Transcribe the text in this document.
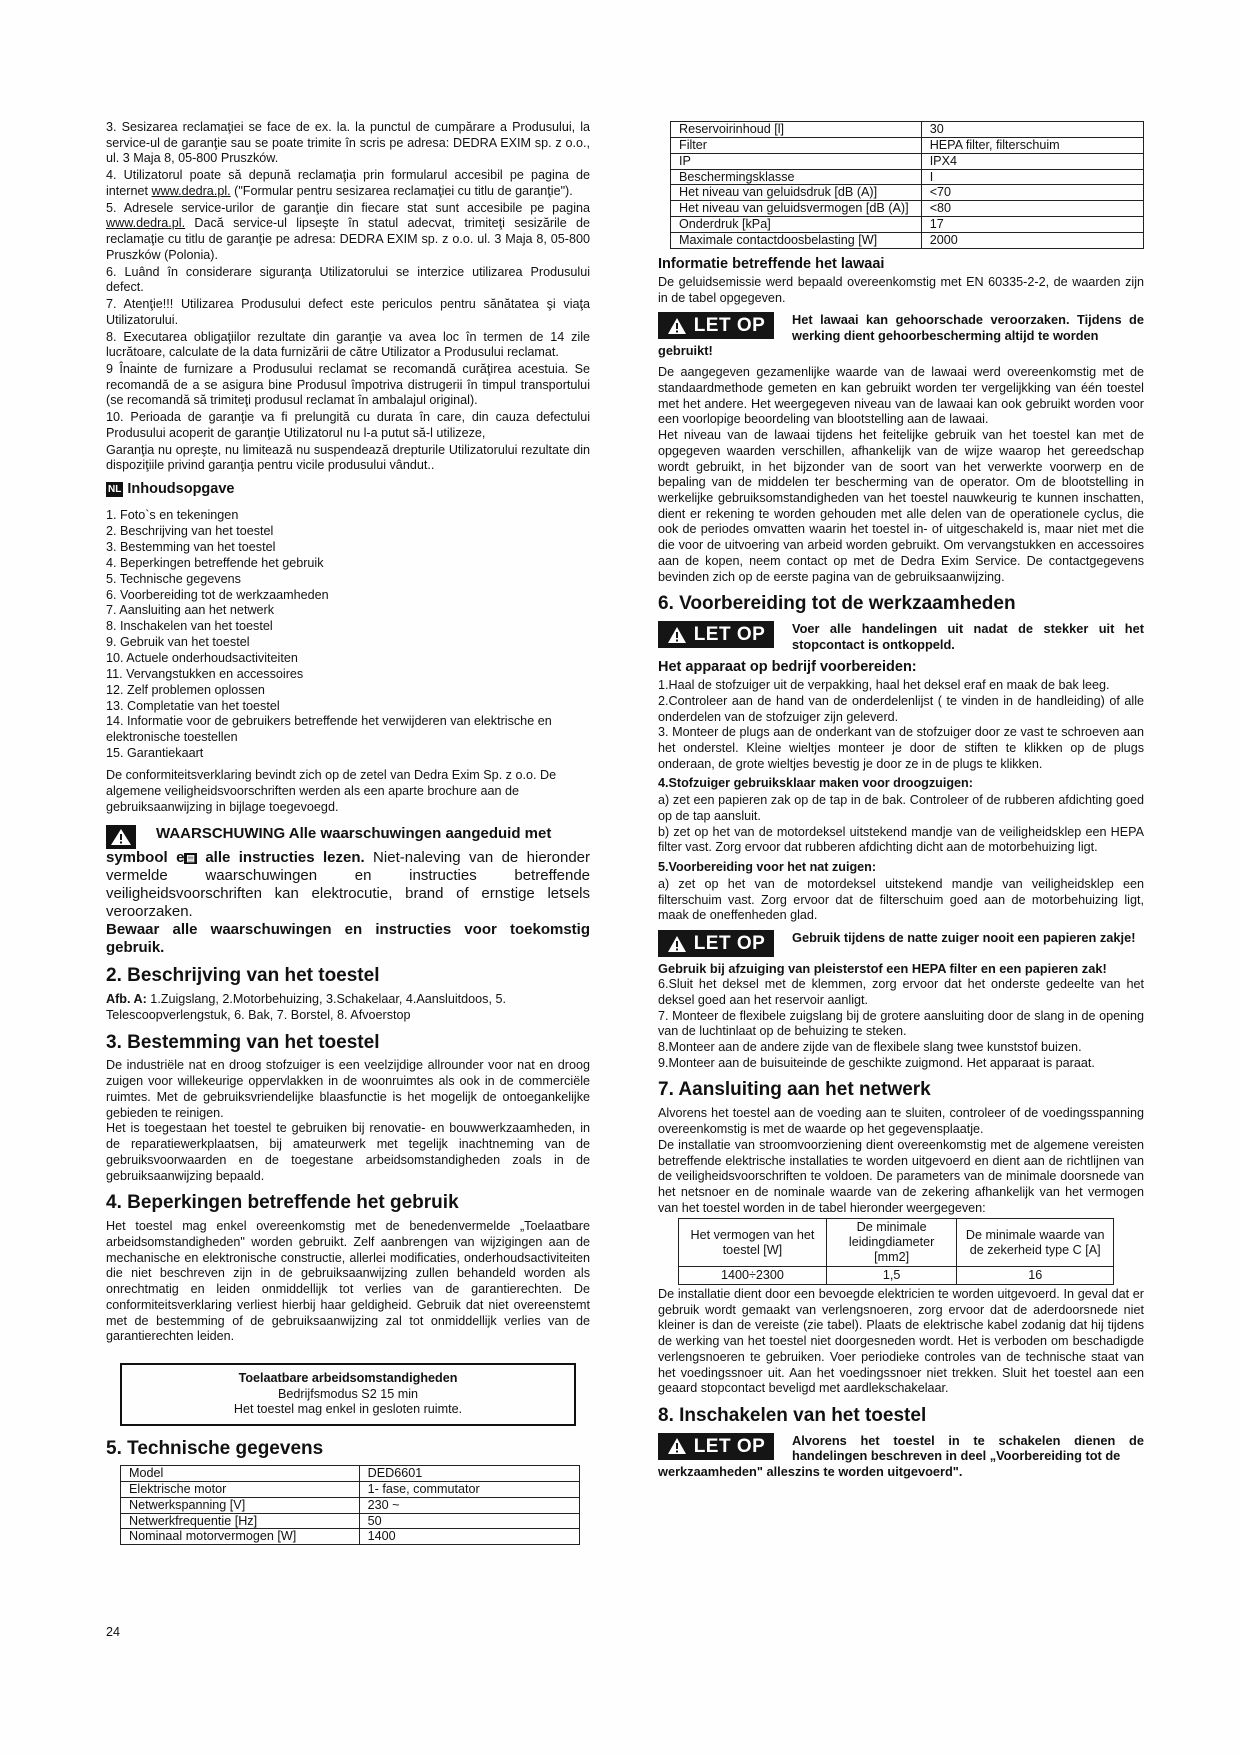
3. Sesizarea reclamaţiei se face de ex. la. la punctul de cumpărare a Produsului, la service-ul de garanţie sau se poate trimite în scris pe adresa: DEDRA EXIM sp. z o.o., ul. 3 Maja 8, 05-800 Pruszków.

4. Utilizatorul poate să depună reclamaţia prin formularul accesibil pe pagina de internet www.dedra.pl. ("Formular pentru sesizarea reclamaţiei cu titlu de garanţie").

5. Adresele service-urilor de garanţie din fiecare stat sunt accesibile pe pagina www.dedra.pl. Dacă service-ul lipseşte în statul adecvat, trimiteţi sesizările de reclamaţie cu titlu de garanţie pe adresa: DEDRA EXIM sp. z o.o. ul. 3 Maja 8, 05-800 Pruszków (Polonia).

6. Luând în considerare siguranţa Utilizatorului se interzice utilizarea Produsului defect.

7. Atenţie!!! Utilizarea Produsului defect este periculos pentru sănătatea şi viaţa Utilizatorului.

8. Executarea obligaţiilor rezultate din garanţie va avea loc în termen de 14 zile lucrătoare, calculate de la data furnizării de către Utilizator a Produsului reclamat.

9 Înainte de furnizare a Produsului reclamat se recomandă curăţirea acestuia. Se recomandă de a se asigura bine Produsul împotriva distrugerii în timpul transportului (se recomandă să trimiteţi produsul reclamat în ambalajul original).

10. Perioada de garanţie va fi prelungită cu durata în care, din cauza defectului Produsului acoperit de garanţie Utilizatorul nu l-a putut să-l utilizeze,

Garanţia nu opreşte, nu limitează nu suspendează drepturile Utilizatorului rezultate din dispoziţiile privind garanţia pentru vicile produsului vândut..

NL Inhoudsopgave
1. Foto`s en tekeningen
2. Beschrijving van het toestel
3. Bestemming van het toestel
4. Beperkingen betreffende het gebruik
5. Technische gegevens
6. Voorbereiding tot de werkzaamheden
7. Aansluiting aan het netwerk
8. Inschakelen van het toestel
9. Gebruik van het toestel
10. Actuele onderhoudsactiviteiten
11. Vervangstukken en accessoires
12. Zelf problemen oplossen
13. Completatie van het toestel
14. Informatie voor de gebruikers betreffende het verwijderen van elektrische en elektronische toestellen
15. Garantiekaart

De conformiteitsverklaring bevindt zich op de zetel van Dedra Exim Sp. z o.o. De algemene veiligheidsvoorschriften werden als een aparte brochure aan de gebruiksaanwijzing in bijlage toegevoegd.

WAARSCHUWING Alle waarschuwingen aangeduid met
symbool e ▤ alle instructies lezen. Niet-naleving van de hieronder vermelde waarschuwingen en instructies betreffende veiligheidsvoorschriften kan elektrocutie, brand of ernstige letsels veroorzaken.
Bewaar alle waarschuwingen en instructies voor toekomstig gebruik.
2. Beschrijving van het toestel

Afb. A: 1.Zuigslang, 2.Motorbehuizing, 3.Schakelaar, 4.Aansluitdoos, 5. Telescoopverlengstuk, 6. Bak, 7. Borstel, 8. Afvoerstop

3. Bestemming van het toestel

De industriële nat en droog stofzuiger is een veelzijdige allrounder voor nat en droog zuigen voor willekeurige oppervlakken in de woonruimtes als ook in de commerciële ruimtes. Met de gebruiksvriendelijke blaasfunctie is het mogelijk de ontoegankelijke gebieden te reinigen.

Het is toegestaan het toestel te gebruiken bij renovatie- en bouwwerkzaamheden, in de reparatiewerkplaatsen, bij amateurwerk met tegelijk inachtneming van de gebruiksvoorwaarden en de toegestane arbeidsomstandigheden zoals in de gebruiksaanwijzing bepaald.

4. Beperkingen betreffende het gebruik

Het toestel mag enkel overeenkomstig met de benedenvermelde „Toelaatbare arbeidsomstandigheden" worden gebruikt. Zelf aanbrengen van wijzigingen aan de mechanische en elektronische constructie, allerlei modificaties, onderhoudsactiviteiten die niet beschreven zijn in de gebruiksaanwijzing zullen behandeld worden als onrechtmatig en leiden onmiddellijk tot verlies van de garantierechten. De conformiteitsverklaring verliest hierbij haar geldigheid. Gebruik dat niet overeenstemt met de bestemming of de gebruiksaanwijzing zal tot onmiddellijk verlies van de garantierechten leiden.

Toelaatbare arbeidsomstandigheden
Bedrijfsmodus S2 15 min
Het toestel mag enkel in gesloten ruimte.
5. Technische gegevens
Model	DED6601
Elektrische motor	1- fase, commutator
Netwerkspanning [V]	230 ~
Netwerkfrequentie [Hz]	50
Nominaal motorvermogen [W]	1400
24
Reservoirinhoud [l]	30
Filter	HEPA filter, filterschuim
IP	IPX4
Beschermingsklasse	I
Het niveau van geluidsdruk [dB (A)]	<70
Het niveau van geluidsvermogen [dB (A)]	<80
Onderdruk [kPa]	17
Maximale contactdoosbelasting [W]	2000
Informatie betreffende het lawaai

De geluidsemissie werd bepaald overeenkomstig met EN 60335-2-2, de waarden zijn in de tabel opgegeven.

LET OP Het lawaai kan gehoorschade veroorzaken. Tijdens de werking dient gehoorbescherming altijd te worden
gebruikt!

De aangegeven gezamenlijke waarde van de lawaai werd overeenkomstig met de standaardmethode gemeten en kan gebruikt worden ter vergelijkking van één toestel met het andere. Het weergegeven niveau van de lawaai kan ook gebruikt worden voor een voorlopige beoordeling van blootstelling aan de lawaai.

Het niveau van de lawaai tijdens het feitelijke gebruik van het toestel kan met de opgegeven waarden verschillen, afhankelijk van de wijze waarop het gereedschap wordt gebruikt, in het bijzonder van de soort van het verwerkte voorwerp en de bepaling van de middelen ter bescherming van de operator. Om de blootstelling in werkelijke gebruiksomstandigheden van het toestel nauwkeurig te kunnen inschatten, dient er rekening te worden gehouden met alle delen van de operationele cyclus, die ook de periodes omvatten waarin het toestel in- of uitgeschakeld is, maar niet met die die voor de uitvoering van arbeid worden gebruikt. Om vervangstukken en accessoires aan de kopen, neem contact op met de Dedra Exim Service. De contactgegevens bevinden zich op de eerste pagina van de gebruiksaanwijzing.

6. Voorbereiding tot de werkzaamheden
LET OP Voer alle handelingen uit nadat de stekker uit het stopcontact is ontkoppeld.
Het apparaat op bedrijf voorbereiden:

1.Haal de stofzuiger uit de verpakking, haal het deksel eraf en maak de bak leeg.

2.Controleer aan de hand van de onderdelenlijst ( te vinden in de handleiding) of alle onderdelen van de stofzuiger zijn geleverd.

3. Monteer de plugs aan de onderkant van de stofzuiger door ze vast te schroeven aan het onderstel. Kleine wieltjes monteer je door de stiften te klikken op de plugs onderaan, de grote wieltjes bevestig je door ze in de plugs te klikken.

4.Stofzuiger gebruiksklaar maken voor droogzuigen:

a) zet een papieren zak op de tap in de bak. Controleer of de rubberen afdichting goed op de tap aansluit.

b) zet op het van de motordeksel uitstekend mandje van de veiligheidsklep een HEPA filter vast. Zorg ervoor dat rubberen afdichting dicht aan de motorbehuizing ligt.

5.Voorbereiding voor het nat zuigen:

a) zet op het van de motordeksel uitstekend mandje van veiligheidsklep een filterschuim vast. Zorg ervoor dat de filterschuim goed aan de motorbehuizing ligt, maak de oneffenheden glad.

LET OP Gebruik tijdens de natte zuiger nooit een papieren zakje!
Gebruik bij afzuiging van pleisterstof een HEPA filter en een papieren zak!

6.Sluit het deksel met de klemmen, zorg ervoor dat het onderste gedeelte van het deksel goed aan het reservoir aanligt.

7. Monteer de flexibele zuigslang bij de grotere aansluiting door de slang in de opening van de luchtinlaat op de behuizing te steken.

8.Monteer aan de andere zijde van de flexibele slang twee kunststof buizen.

9.Monteer aan de buisuiteinde de geschikte zuigmond. Het apparaat is paraat.

7. Aansluiting aan het netwerk

Alvorens het toestel aan de voeding aan te sluiten, controleer of de voedingsspanning overeenkomstig is met de waarde op het gegevensplaatje.

De installatie van stroomvoorziening dient overeenkomstig met de algemene vereisten betreffende elektrische installaties te worden uitgevoerd en dient aan de richtlijnen van de veiligheidsvoorschriften te voldoen. De parameters van de minimale doorsnede van het netsnoer en de nominale waarde van de zekering afhankelijk van het vermogen van het toestel worden in de tabel hieronder weergegeven:

Het vermogen van het toestel [W]	De minimale leidingdiameter [mm2]	De minimale waarde van de zekerheid type C [A]
1400÷2300	1,5	16

De installatie dient door een bevoegde elektricien te worden uitgevoerd. In geval dat er gebruik wordt gemaakt van verlengsnoeren, zorg ervoor dat de aderdoorsnede niet kleiner is dan de vereiste (zie tabel). Plaats de elektrische kabel zodanig dat hij tijdens de werking van het toestel niet doorgesneden wordt. Het is verboden om beschadigde verlengsnoeren te gebruiken. Voer periodieke controles van de technische staat van het voedingssnoer uit. Aan het voedingssnoer niet trekken. Sluit het toestel aan een geaard stopcontact beveligd met aardlekschakelaar.

8. Inschakelen van het toestel
LET OP Alvorens het toestel in te schakelen dienen de handelingen beschreven in deel „Voorbereiding tot de
werkzaamheden" alleszins te worden uitgevoerd".
